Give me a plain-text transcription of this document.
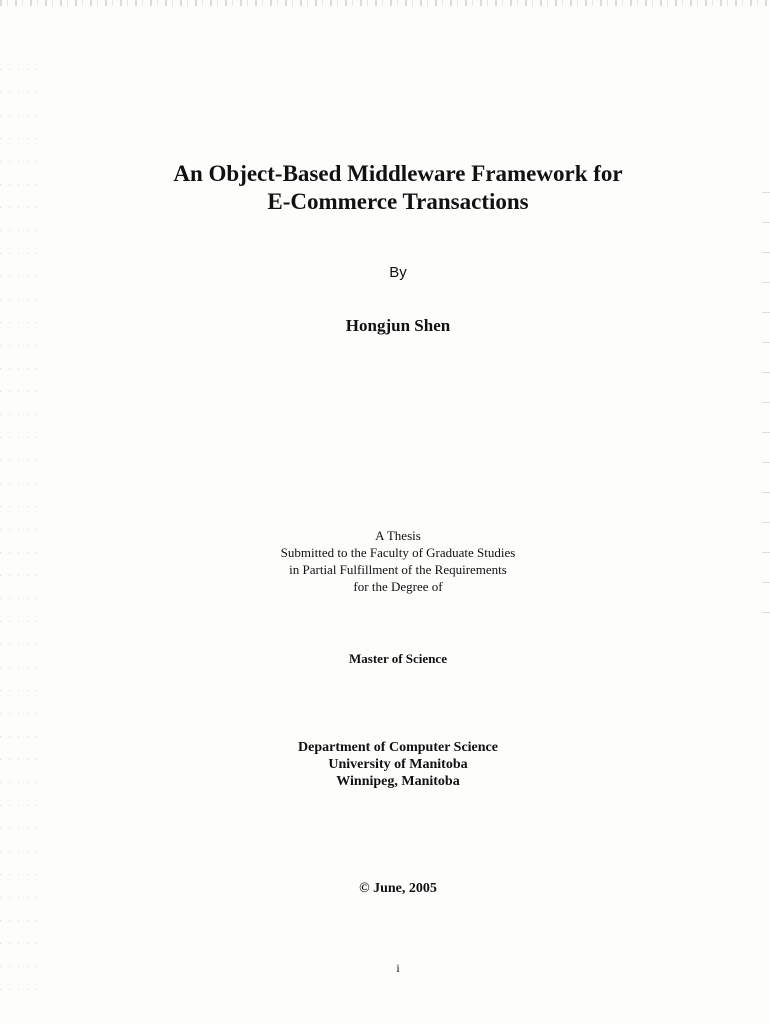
An Object-Based Middleware Framework for
E-Commerce Transactions
By
Hongjun Shen
A Thesis
Submitted to the Faculty of Graduate Studies
in Partial Fulfillment of the Requirements
for the Degree of
Master of Science
Department of Computer Science
University of Manitoba
Winnipeg, Manitoba
© June, 2005
i
